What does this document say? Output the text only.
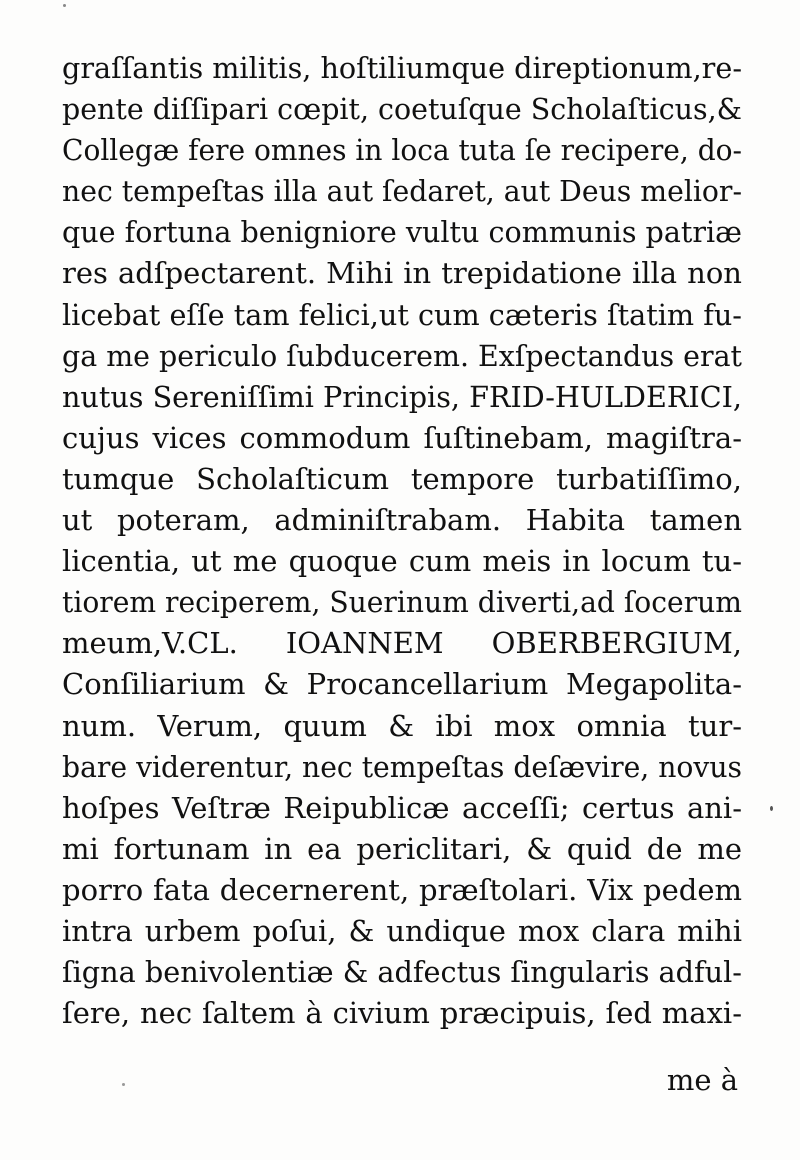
graſſantis militis, hoſtiliumque direptionum,re-
pente diſſipari cœpit, coetuſque Scholaſticus,&
Collegæ fere omnes in loca tuta ſe recipere, do-
nec tempeſtas illa aut ſedaret, aut Deus melior-
que fortuna benigniore vultu communis patriæ
res adſpectarent. Mihi in trepidatione illa non
licebat eſſe tam felici,ut cum cæteris ſtatim fu-
ga me periculo ſubducerem. Exſpectandus erat
nutus Sereniſſimi Principis, FRID-HULDERICI,
cujus vices commodum ſuſtinebam, magiſtra-
tumque Scholaſticum tempore turbatiſſimo,
ut poteram, adminiſtrabam. Habita tamen
licentia, ut me quoque cum meis in locum tu-
tiorem reciperem, Suerinum diverti,ad ſocerum
meum,V.CL. IOANNEM OBERBERGIUM,
Conſiliarium & Procancellarium Megapolita-
num. Verum, quum & ibi mox omnia tur-
bare viderentur, nec tempeſtas deſævire, novus
hoſpes Veſtræ Reipublicæ acceſſi; certus ani-
mi fortunam in ea periclitari, & quid de me
porro fata decernerent, præſtolari. Vix pedem
intra urbem poſui, & undique mox clara mihi
ſigna benivolentiæ & adfectus ſingularis adful-
ſere, nec ſaltem à civium præcipuis, ſed maxi-
me à
